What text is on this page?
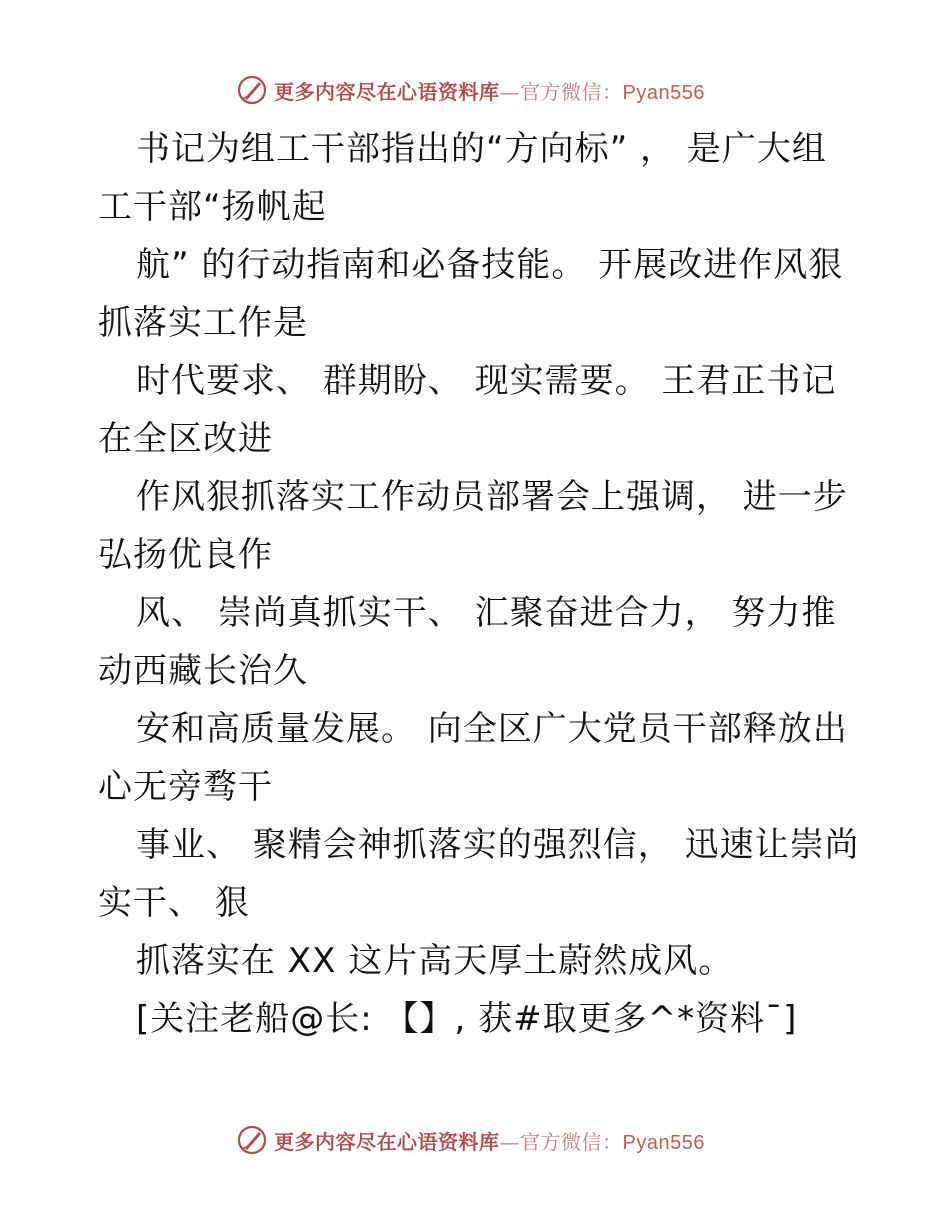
更多内容尽在心语资料库—官方微信：Pyan556
书记为组工干部指出的“方向标” ， 是广大组
工干部“扬帆起
航” 的行动指南和必备技能。 开展改进作风狠
抓落实工作是
时代要求、 群期盼、 现实需要。 王君正书记
在全区改进
作风狠抓落实工作动员部署会上强调， 进一步
弘扬优良作
风、 崇尚真抓实干、 汇聚奋进合力， 努力推
动西藏长治久
安和高质量发展。 向全区广大党员干部释放出
心无旁骛干
事业、 聚精会神抓落实的强烈信， 迅速让崇尚
实干、 狠
抓落实在 XX 这片高天厚土蔚然成风。
[关注老船@长: 【】, 获#取更多^*资料¯]
更多内容尽在心语资料库—官方微信：Pyan556
